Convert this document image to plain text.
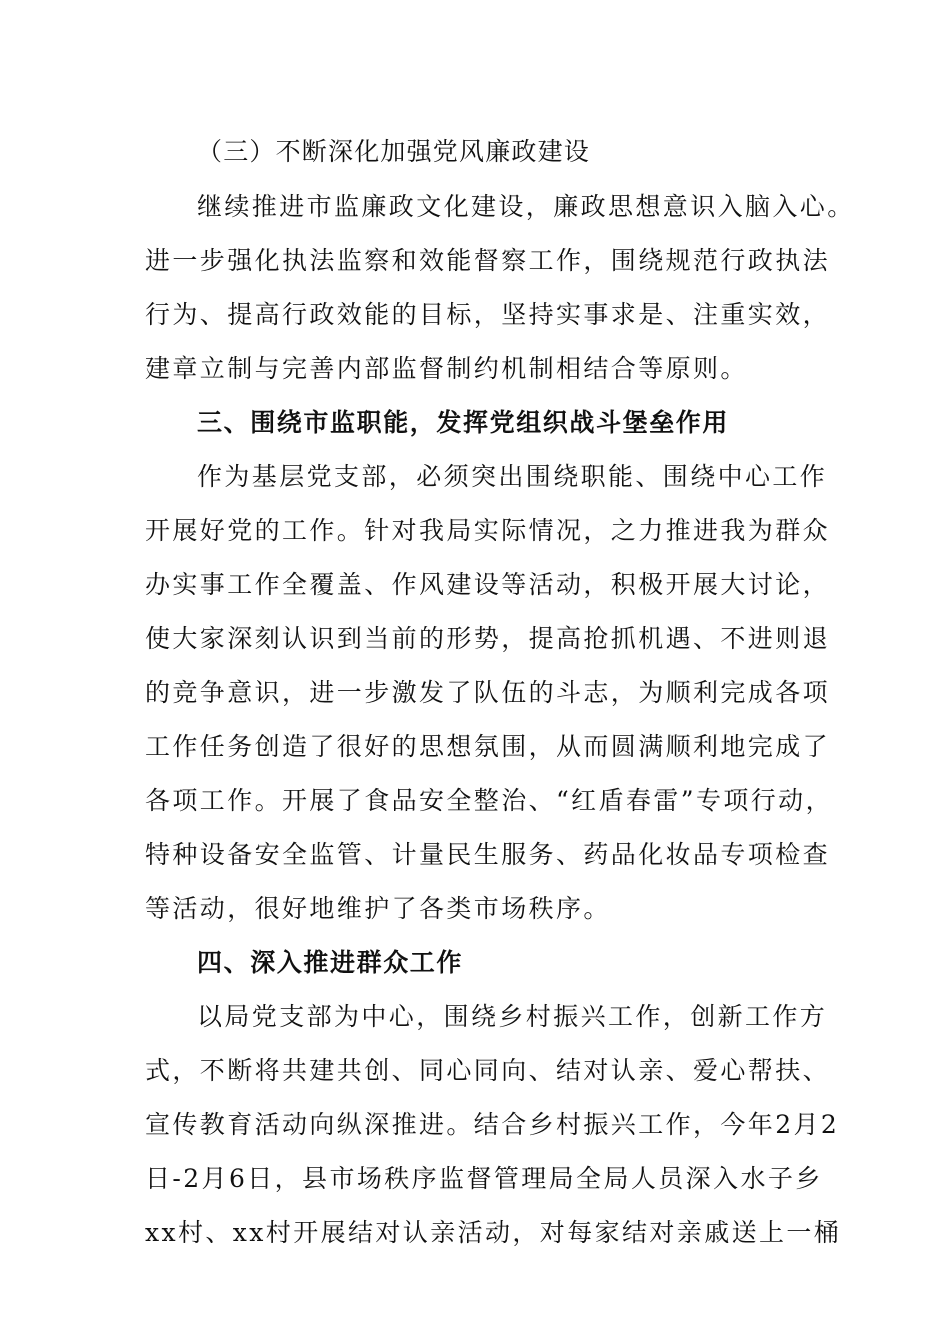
（三）不断深化加强党风廉政建设
继续推进市监廉政文化建设，廉政思想意识入脑入心。
进一步强化执法监察和效能督察工作，围绕规范行政执法
行为、提高行政效能的目标，坚持实事求是、注重实效，
建章立制与完善内部监督制约机制相结合等原则。
三、围绕市监职能，发挥党组织战斗堡垒作用
作为基层党支部，必须突出围绕职能、围绕中心工作
开展好党的工作。针对我局实际情况，之力推进我为群众
办实事工作全覆盖、作风建设等活动，积极开展大讨论，
使大家深刻认识到当前的形势，提高抢抓机遇、不进则退
的竞争意识，进一步激发了队伍的斗志，为顺利完成各项
工作任务创造了很好的思想氛围，从而圆满顺利地完成了
各项工作。开展了食品安全整治、“红盾春雷”专项行动，
特种设备安全监管、计量民生服务、药品化妆品专项检查
等活动，很好地维护了各类市场秩序。
四、深入推进群众工作
以局党支部为中心，围绕乡村振兴工作，创新工作方
式，不断将共建共创、同心同向、结对认亲、爱心帮扶、
宣传教育活动向纵深推进。结合乡村振兴工作，今年2月2
日-2月6日，县市场秩序监督管理局全局人员深入水子乡
xx村、xx村开展结对认亲活动，对每家结对亲戚送上一桶
